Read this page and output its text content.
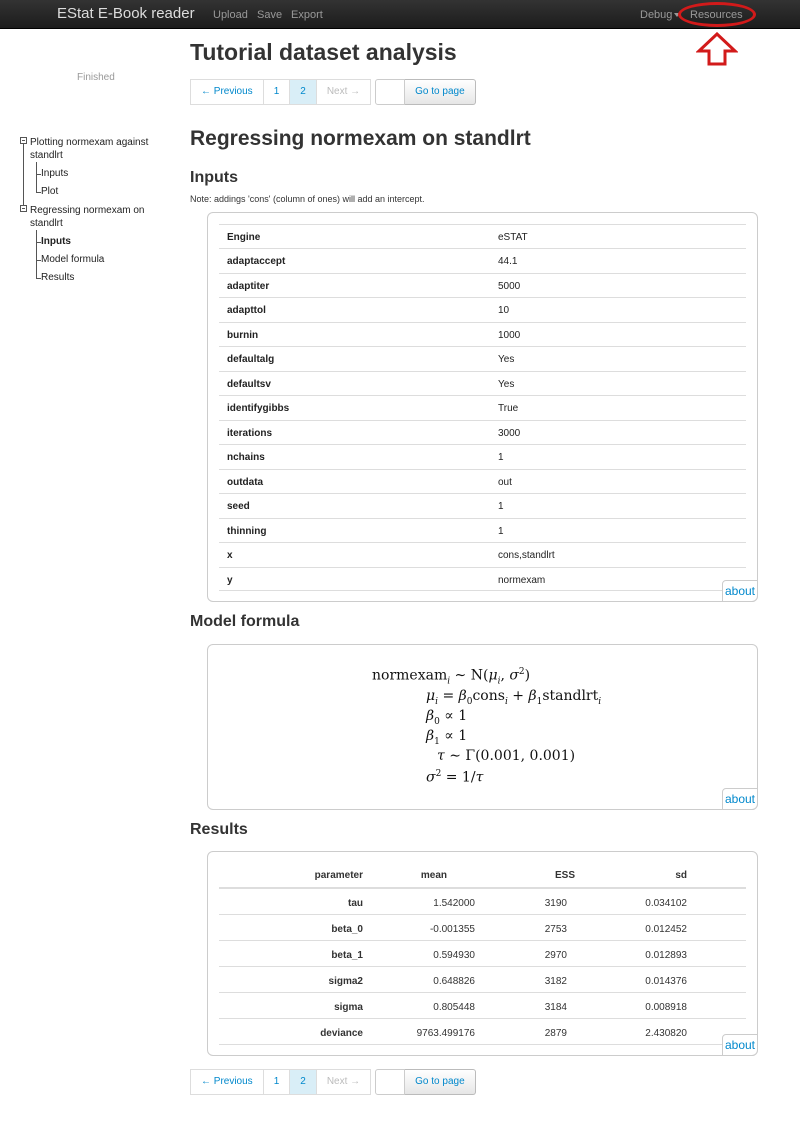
EStat E-Book reader Upload Save Export	Debug	Resources
Finished
Plotting normexam against
standlrt
Inputs
Plot
Regressing normexam on
standlrt
Inputs
Model formula
Results
Tutorial dataset analysis
← Previous	1	2	Next →	Go to page
Regressing normexam on standlrt
Inputs
Note: addings 'cons' (column of ones) will add an intercept.
Engine	eSTAT
adaptaccept	44.1
adaptiter	5000
adapttol	10
burnin	1000
defaultalg	Yes
defaultsv	Yes
identifygibbs	True
iterations	3000
nchains	1
outdata	out
seed	1
thinning	1
x	cons,standlrt
y	normexam
about
Model formula
normexam$_i$ ∼ $N(\mu_i$, $\sigma^2$)
$\mu_i$ = $\beta_0cons_i$ + $\beta_1standlrt_i$
$\beta_0 \propto 1$
$\beta_1 \propto 1$
τ ∼ Γ(0.001, 0.001)
$\sigma^2 = 1/\tau$
about
Results
parameter	mean	ESS	sd
tau	1.542000	3190	0.034102
beta_0	-0.001355	2753	0.012452
beta_1	0.594930	2970	0.012893
sigma2	0.648826	3182	0.014376
sigma	0.805448	3184	0.008918
deviance	9763.499176	2879	2.430820
about
← Previous	1	2	Next →	Go to page
